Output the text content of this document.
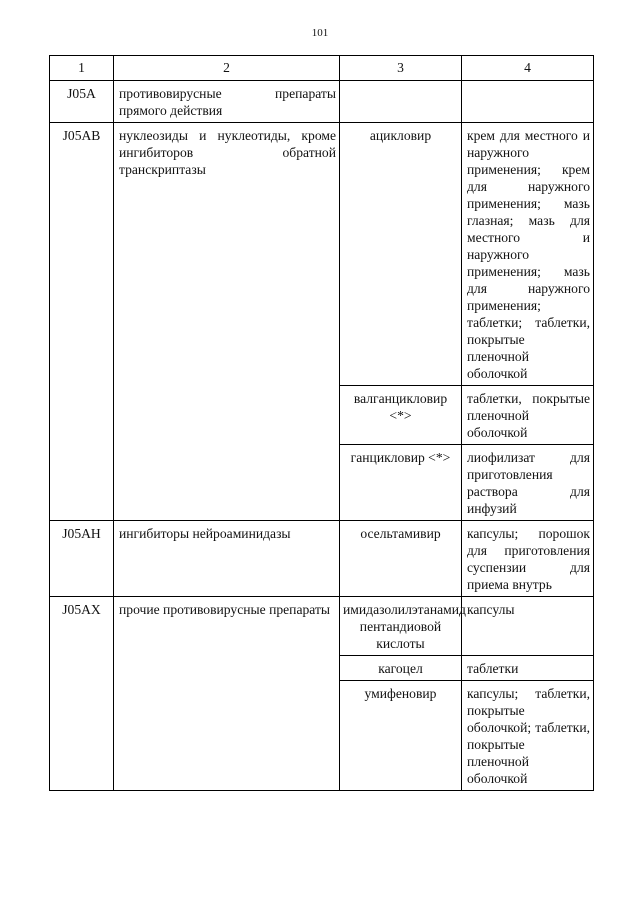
101
1	2	3	4
J05A	противовирусные препараты прямого действия		
J05AB	нуклеозиды и нуклеотиды, кроме ингибиторов обратной транскриптазы	ацикловир	крем для местного и наружного применения; крем для наружного применения; мазь глазная; мазь для местного и наружного применения; мазь для наружного применения; таблетки; таблетки, покрытые пленочной оболочкой
		валганцикловир <*>	таблетки, покрытые пленочной оболочкой
		ганцикловир <*>	лиофилизат для приготовления раствора для инфузий
J05AH	ингибиторы нейроаминидазы	осельтамивир	капсулы; порошок для приготовления суспензии для приема внутрь
J05AX	прочие противовирусные препараты	имидазолилэтанамид пентандиовой кислоты	капсулы
		кагоцел	таблетки
		умифеновир	капсулы; таблетки, покрытые оболочкой; таблетки, покрытые пленочной оболочкой
